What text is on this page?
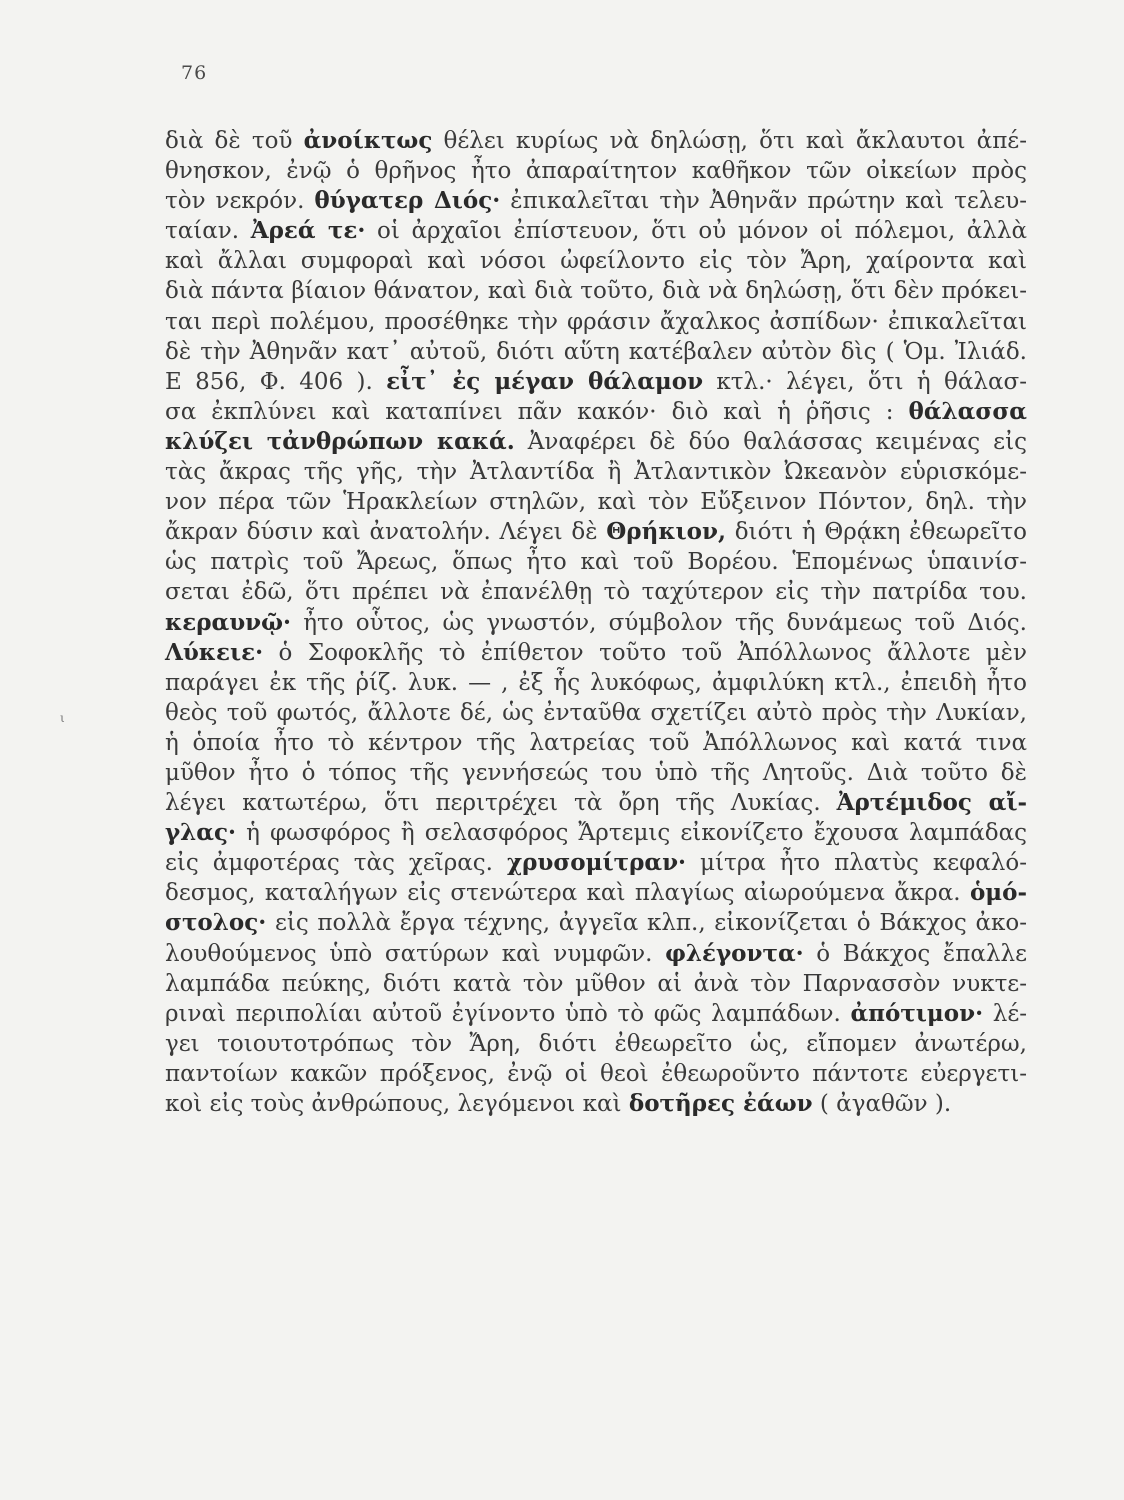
76
ι
διὰ δὲ τοῦ ἀνοίκτως θέλει κυρίως νὰ δηλώσῃ, ὅτι καὶ ἄκλαυτοι ἀπέ-
θνησκον, ἐνῷ ὁ θρῆνος ἦτο ἀπαραίτητον καθῆκον τῶν οἰκείων πρὸς
τὸν νεκρόν. θύγατερ Διός· ἐπικαλεῖται τὴν Ἀθηνᾶν πρώτην καὶ τελευ-
ταίαν. Ἀρεά τε· οἱ ἀρχαῖοι ἐπίστευον, ὅτι οὐ μόνον οἱ πόλεμοι, ἀλλὰ
καὶ ἄλλαι συμφοραὶ καὶ νόσοι ὠφείλοντο εἰς τὸν Ἄρη, χαίροντα καὶ
διὰ πάντα βίαιον θάνατον, καὶ διὰ τοῦτο, διὰ νὰ δηλώσῃ, ὅτι δὲν πρόκει-
ται περὶ πολέμου, προσέθηκε τὴν φράσιν ἄχαλκος ἀσπίδων· ἐπικαλεῖται
δὲ τὴν Ἀθηνᾶν κατ᾽ αὐτοῦ, διότι αὕτη κατέβαλεν αὐτὸν δὶς ( Ὁμ. Ἰλιάδ.
Ε 856, Φ. 406 ). εἶτ᾽ ἐς μέγαν θάλαμον κτλ.· λέγει, ὅτι ἡ θάλασ-
σα ἐκπλύνει καὶ καταπίνει πᾶν κακόν· διὸ καὶ ἡ ῥῆσις : θάλασσα
κλύζει τἀνθρώπων κακά. Ἀναφέρει δὲ δύο θαλάσσας κειμένας εἰς
τὰς ἄκρας τῆς γῆς, τὴν Ἀτλαντίδα ἢ Ἀτλαντικὸν Ὠκεανὸν εὑρισκόμε-
νον πέρα τῶν Ἡρακλείων στηλῶν, καὶ τὸν Εὔξεινον Πόντον, δηλ. τὴν
ἄκραν δύσιν καὶ ἀνατολήν. Λέγει δὲ Θρήκιον, διότι ἡ Θρᾴκη ἐθεωρεῖτο
ὡς πατρὶς τοῦ Ἄρεως, ὅπως ἦτο καὶ τοῦ Βορέου. Ἑπομένως ὑπαινίσ-
σεται ἐδῶ, ὅτι πρέπει νὰ ἐπανέλθῃ τὸ ταχύτερον εἰς τὴν πατρίδα του.
κεραυνῷ· ἦτο οὗτος, ὡς γνωστόν, σύμβολον τῆς δυνάμεως τοῦ Διός.
Λύκειε· ὁ Σοφοκλῆς τὸ ἐπίθετον τοῦτο τοῦ Ἀπόλλωνος ἄλλοτε μὲν
παράγει ἐκ τῆς ῥίζ. λυκ. — , ἐξ ἧς λυκόφως, ἀμφιλύκη κτλ., ἐπειδὴ ἦτο
θεὸς τοῦ φωτός, ἄλλοτε δέ, ὡς ἐνταῦθα σχετίζει αὐτὸ πρὸς τὴν Λυκίαν,
ἡ ὁποία ἦτο τὸ κέντρον τῆς λατρείας τοῦ Ἀπόλλωνος καὶ κατά τινα
μῦθον ἦτο ὁ τόπος τῆς γεννήσεώς του ὑπὸ τῆς Λητοῦς. Διὰ τοῦτο δὲ
λέγει κατωτέρω, ὅτι περιτρέχει τὰ ὄρη τῆς Λυκίας. Ἀρτέμιδος αἴ-
γλας· ἡ φωσφόρος ἢ σελασφόρος Ἄρτεμις εἰκονίζετο ἔχουσα λαμπάδας
εἰς ἀμφοτέρας τὰς χεῖρας. χρυσομίτραν· μίτρα ἦτο πλατὺς κεφαλό-
δεσμος, καταλήγων εἰς στενώτερα καὶ πλαγίως αἰωρούμενα ἄκρα. ὁμό-
στολος· εἰς πολλὰ ἔργα τέχνης, ἀγγεῖα κλπ., εἰκονίζεται ὁ Βάκχος ἀκο-
λουθούμενος ὑπὸ σατύρων καὶ νυμφῶν. φλέγοντα· ὁ Βάκχος ἔπαλλε
λαμπάδα πεύκης, διότι κατὰ τὸν μῦθον αἱ ἀνὰ τὸν Παρνασσὸν νυκτε-
ριναὶ περιπολίαι αὐτοῦ ἐγίνοντο ὑπὸ τὸ φῶς λαμπάδων. ἀπότιμον· λέ-
γει τοιουτοτρόπως τὸν Ἄρη, διότι ἐθεωρεῖτο ὡς, εἴπομεν ἀνωτέρω,
παντοίων κακῶν πρόξενος, ἐνῷ οἱ θεοὶ ἐθεωροῦντο πάντοτε εὐεργετι-
κοὶ εἰς τοὺς ἀνθρώπους, λεγόμενοι καὶ δοτῆρες ἐάων ( ἀγαθῶν ).
